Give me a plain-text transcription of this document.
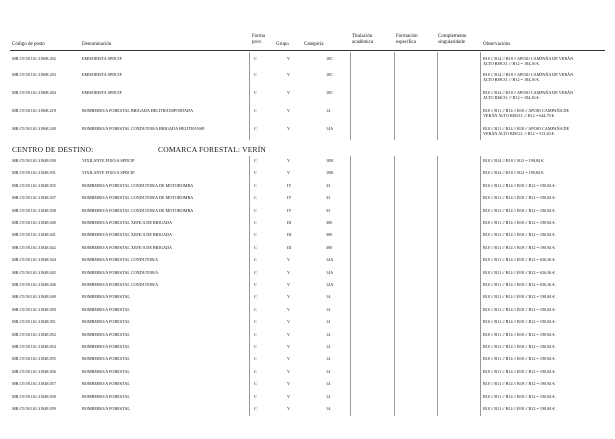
Código de posto	Denominación
Forma
prov.	Grupo	Categoría
Titulación
académica
Formación
específica
Complemento
singularidade	Observacións
MR.C9.58.161.31868.202	EMISORISTA SPDCIF	C	V	10C	B10 // B14 // B18 // APOIO CAMPAÑA DE VERÁN
ALTO RISCO. // B12 = 184,16 €.
MR.C9.58.161.31868.203	EMISORISTA SPDCIF	C	V	10C	B10 // B14 // B18 // APOIO CAMPAÑA DE VERÁN
ALTO RISCO. // B12 = 184,16 €.
MR.C9.58.161.31868.204	EMISORISTA SPDCIF	C	V	10C	B10 // B14 // B18 // APOIO CAMPAÑA DE VERÁN
ALTO RISCO. // B12 = 184,16 €.
MR.C9.58.161.31868.218	BOMBEIRO/A FORESTAL BRIGADA HELITRANSPORTADA	C	V	14	B10 // B11 // B14 // B18 // APOIO CAMPAÑA DE
VERÁN ALTO RISCO. // B12 = 644,70 €.
MR.C9.58.161.31868.240	BOMBEIRO/A FORESTAL CONDUTOR/A BRIGADA HELITRANSP.	C	V	14A	B10 // B11 // B14 // B18 // APOIO CAMPAÑA DE
VERÁN ALTO RISCO. // B12 = 511,20 €.
CENTRO DE DESTINO:	COMARCA FORESTAL: VERÍN
MR.C9.58.161.31848.030	VIXILANTE FIXO/A SPDCIF	C	V	10B	B10 // B14 // B18 // B12 = 190,84 €.
MR.C9.58.161.31848.031	VIXILANTE FIXO/A SPDCIF	C	V	10B	B10 // B14 // B18 // B12 = 190,84 €.
MR.C9.58.161.31848.035	BOMBEIRO/A FORESTAL CONDUTOR/A DE MOTOBOMBA	C	IV	33	B10 // B11 // B14 // B18 // B12 = 190,84 €.
MR.C9.58.161.31848.037	BOMBEIRO/A FORESTAL CONDUTOR/A DE MOTOBOMBA	C	IV	33	B10 // B11 // B14 // B18 // B12 = 190,84 €.
MR.C9.58.161.31848.038	BOMBEIRO/A FORESTAL CONDUTOR/A DE MOTOBOMBA	C	IV	33	B10 // B11 // B14 // B18 // B12 = 190,84 €.
MR.C9.58.161.31848.040	BOMBEIRO/A FORESTAL XEFE/A DE BRIGADA	C	III	300	B10 // B11 // B14 // B18 // B12 = 190,84 €.
MR.C9.58.161.31848.041	BOMBEIRO/A FORESTAL XEFE/A DE BRIGADA	C	III	300	B10 // B11 // B14 // B18 // B12 = 190,84 €.
MR.C9.58.161.31848.042	BOMBEIRO/A FORESTAL XEFE/A DE BRIGADA	C	III	300	B10 // B11 // B14 // B18 // B12 = 190,84 €.
MR.C9.58.161.31848.044	BOMBEIRO/A FORESTAL CONDUTOR/A	C	V	14A	B10 // B11 // B14 // B18 // B12 = 636,36 €.
MR.C9.58.161.31848.045	BOMBEIRO/A FORESTAL CONDUTOR/A	C	V	14A	B10 // B11 // B14 // B18 // B12 = 636,36 €.
MR.C9.58.161.31848.046	BOMBEIRO/A FORESTAL CONDUTOR/A	C	V	14A	B10 // B11 // B14 // B18 // B12 = 636,36 €.
MR.C9.58.161.31848.049	BOMBEIRO/A FORESTAL	C	V	14	B10 // B11 // B14 // B18 // B12 = 190,84 €.
MR.C9.58.161.31848.050	BOMBEIRO/A FORESTAL	C	V	14	B10 // B11 // B14 // B18 // B12 = 190,84 €.
MR.C9.58.161.31848.051	BOMBEIRO/A FORESTAL	C	V	14	B10 // B11 // B14 // B18 // B12 = 190,84 €.
MR.C9.58.161.31848.052	BOMBEIRO/A FORESTAL	C	V	14	B10 // B11 // B14 // B18 // B12 = 190,84 €.
MR.C9.58.161.31848.054	BOMBEIRO/A FORESTAL	C	V	14	B10 // B11 // B14 // B18 // B12 = 190,84 €.
MR.C9.58.161.31848.055	BOMBEIRO/A FORESTAL	C	V	14	B10 // B11 // B14 // B18 // B12 = 190,84 €.
MR.C9.58.161.31848.056	BOMBEIRO/A FORESTAL	C	V	14	B10 // B11 // B14 // B18 // B12 = 190,84 €.
MR.C9.58.161.31848.057	BOMBEIRO/A FORESTAL	C	V	14	B10 // B11 // B14 // B18 // B12 = 190,84 €.
MR.C9.58.161.31848.058	BOMBEIRO/A FORESTAL	C	V	14	B10 // B11 // B14 // B18 // B12 = 190,84 €.
MR.C9.58.161.31848.059	BOMBEIRO/A FORESTAL	C	V	14	B10 // B11 // B14 // B18 // B12 = 190,84 €.
